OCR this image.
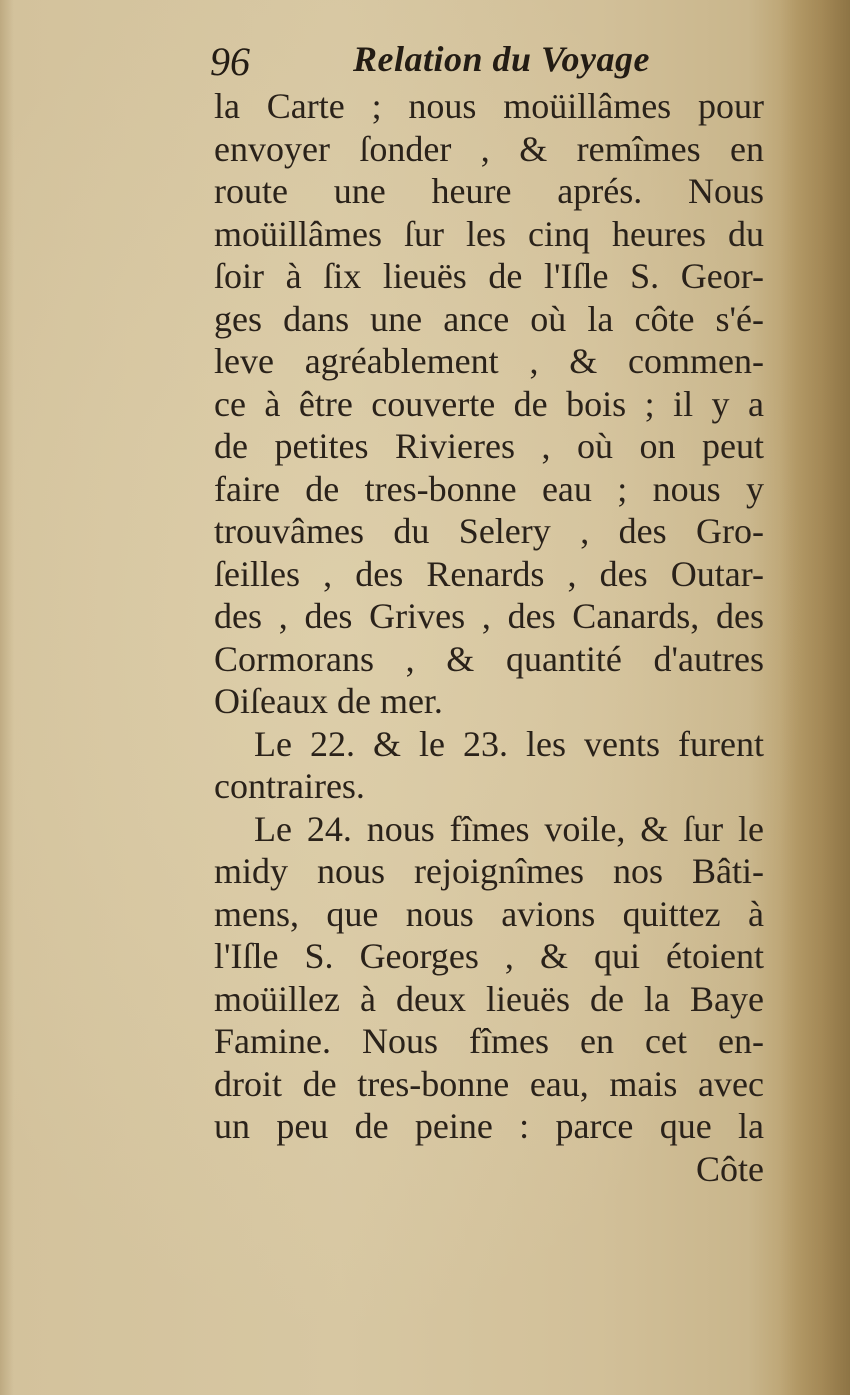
96	Relation du Voyage
la Carte ; nous moüillâmes pour
envoyer ſonder , & remîmes en
route une heure aprés. Nous
moüillâmes ſur les cinq heures du
ſoir à ſix lieuës de l'Iſle S. Geor-
ges dans une ance où la côte s'é-
leve agréablement , & commen-
ce à être couverte de bois ; il y a
de petites Rivieres , où on peut
faire de tres-bonne eau ; nous y
trouvâmes du Selery , des Gro-
ſeilles , des Renards , des Outar-
des , des Grives , des Canards, des
Cormorans , & quantité d'autres
Oiſeaux de mer.
Le 22. & le 23. les vents furent
contraires.
Le 24. nous fîmes voile, & ſur le
midy nous rejoignîmes nos Bâti-
mens, que nous avions quittez à
l'Iſle S. Georges , & qui étoient
moüillez à deux lieuës de la Baye
Famine. Nous fîmes en cet en-
droit de tres-bonne eau, mais avec
un peu de peine : parce que la
Côte
